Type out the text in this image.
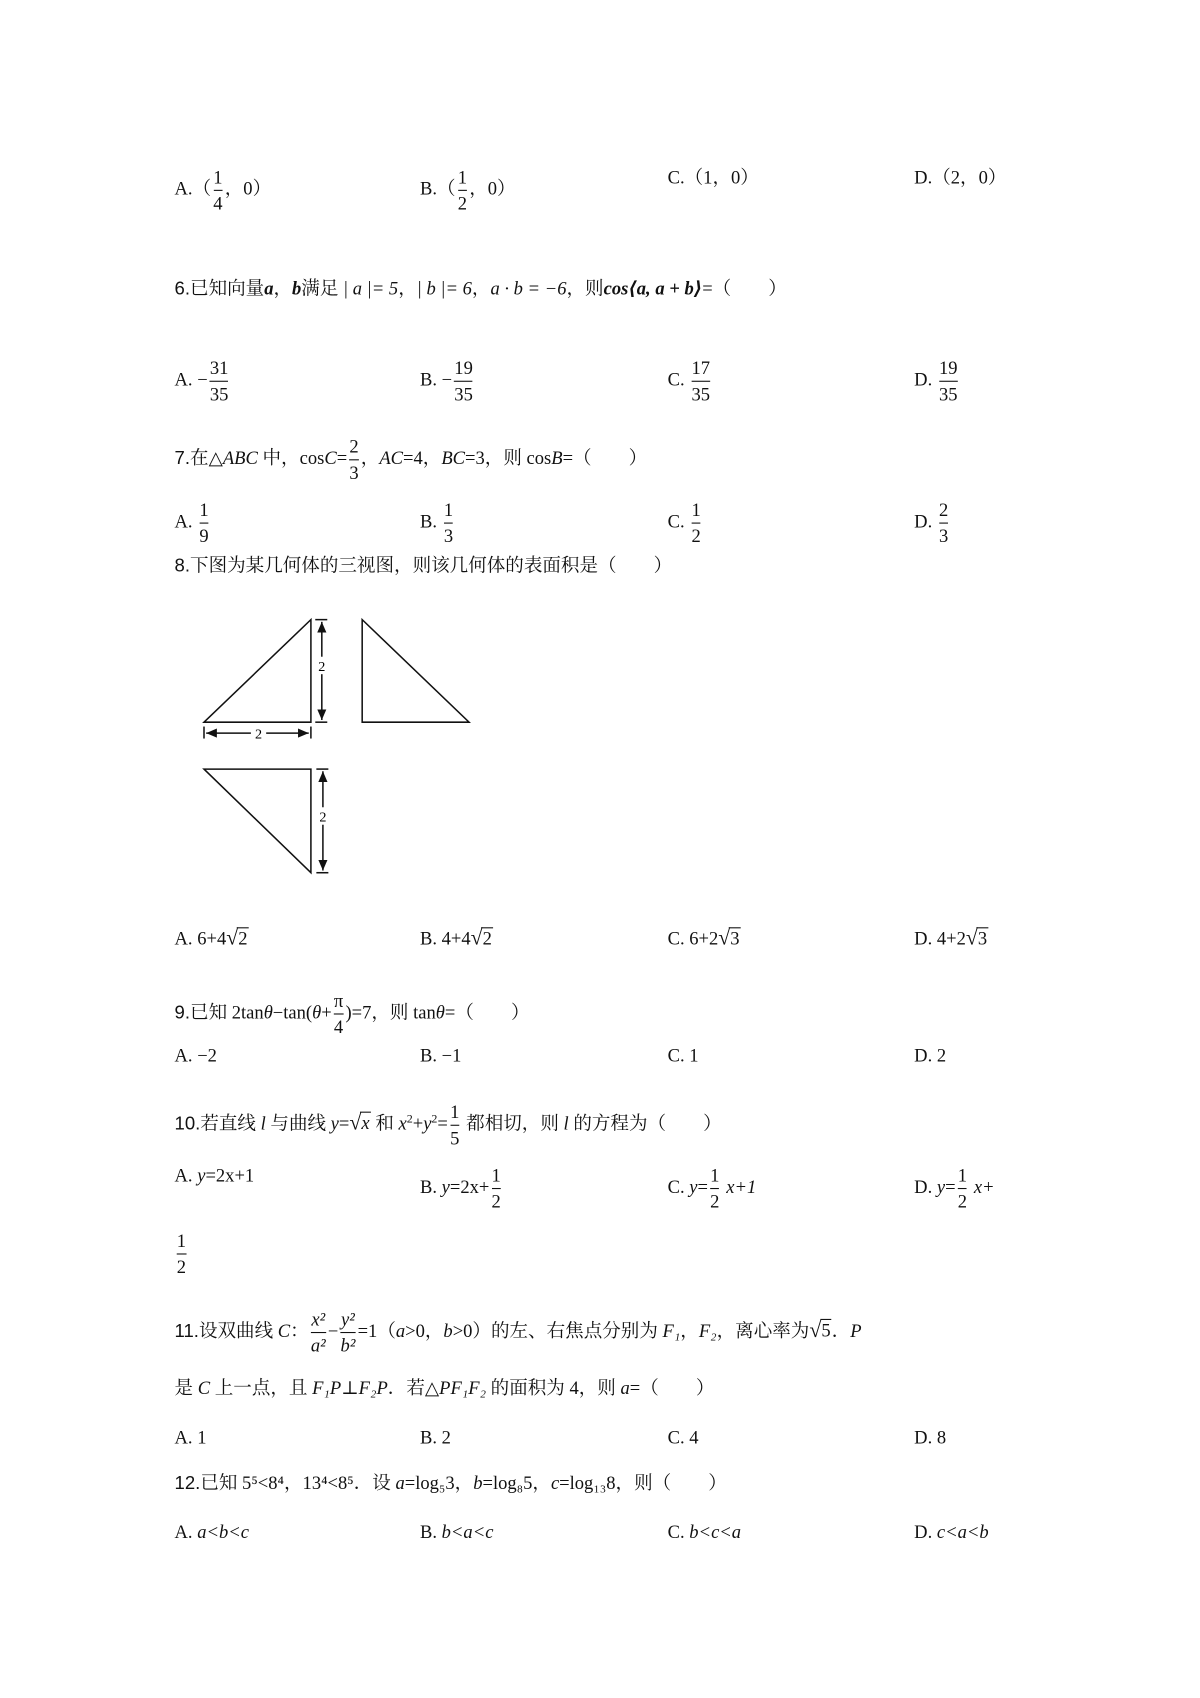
$A.( \frac{1}{4}$ ，0）	$B.( \frac{1}{2}$ ，0）
C.（1，0）	D.（2，0）
6.已知向量a，b满足 | a |= 5，| b |= 6，a · b = −6，则cos⟨a, a + b⟩=（　　）
A. − $\frac{31}{35}$	B. − $\frac{19}{35}$	C. $\frac{17}{35}$	D. $\frac{19}{35}$
7.在△ABC 中，$\cos C= \frac{2}{3}$ ，AC=4，BC=3，则 cosB=（　　）
A. $\frac{1}{9}$	B. $\frac{1}{3}$	C. $\frac{1}{2}$	D. $\frac{2}{3}$
8.下图为某几何体的三视图，则该几何体的表面积是（　　）
2
2
2
A. 6+4√2	B. 4+4√2	C. 6+2√3	D. 4+2√3
9.已知 $2\tan\theta-\tan(\theta+ \frac{\pi}{4} )=7$，则 tanθ=（　　）
A. −2	B. −1	C. 1	D. 2
10.若直线 l 与曲线 y=√x 和 $x^2+y^2= \frac{1}{5}$ 都相切，则 l 的方程为（　　）
A. y=2x+1
B. $y=2x+ \frac{1}{2}$	C. $y= \frac{1}{2} x+1$	D. $y= \frac{1}{2} x+$
$\frac{1}{2}$
11.设双曲线 C： $\frac{\text{x²}}{\text{a²}} - \frac{\text{y²}}{\text{b²}} =1(a>0$，b>0）的左、右焦点分别为 F₁，F₂，离心率为√5．P
是 C 上一点，且 F₁P⊥F₂P．若△PF₁F₂ 的面积为 4，则 a=（　　）
A. 1	B. 2	C. 4	D. 8
12.已知 5⁵<8⁴，13⁴<8⁵．设 a=log₅3，b=log₈5，c=log₁₃8，则（　　）
A. a<b<c	B. b<a<c	C. b<c<a	D. c<a<b
